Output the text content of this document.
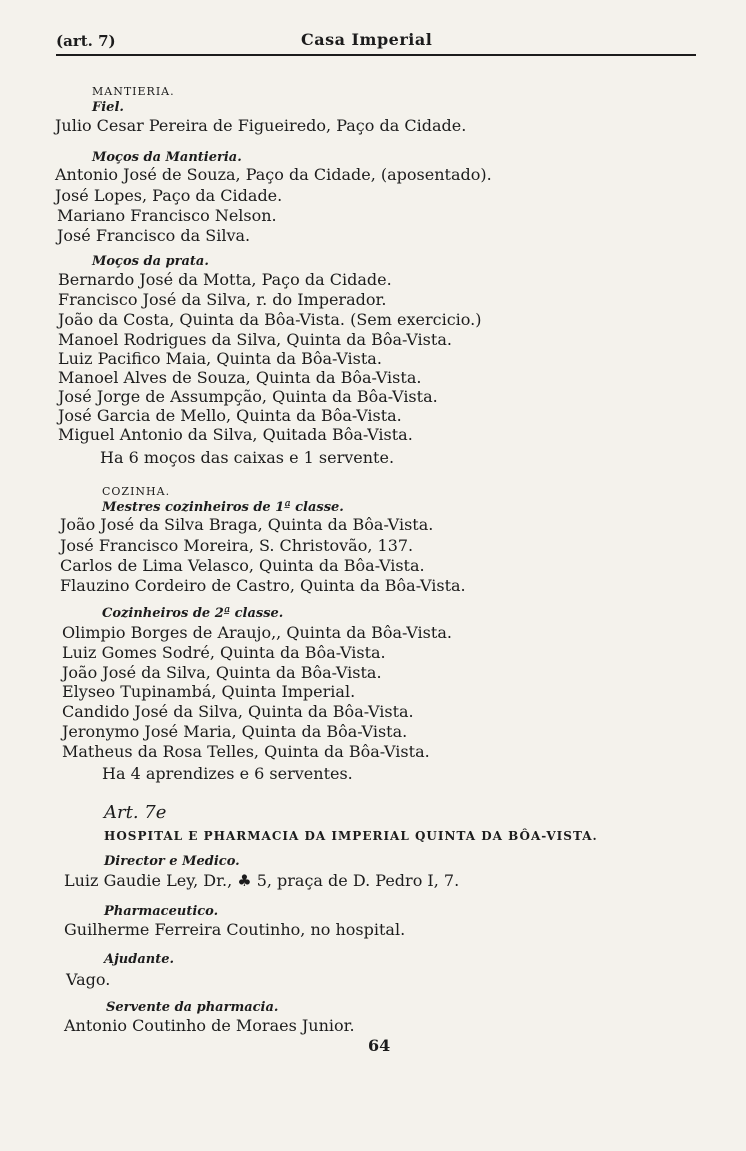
(art. 7)	Casa Imperial
MANTIERIA.
Fiel.
Julio Cesar Pereira de Figueiredo, Paço da Cidade.
Moços da Mantieria.
Antonio José de Souza, Paço da Cidade, (aposentado).
José Lopes, Paço da Cidade.
Mariano Francisco Nelson.
José Francisco da Silva.
Moços da prata.
Bernardo José da Motta, Paço da Cidade.
Francisco José da Silva, r. do Imperador.
João da Costa, Quinta da Bôa-Vista. (Sem exercicio.)
Manoel Rodrigues da Silva, Quinta da Bôa-Vista.
Luiz Pacifico Maia, Quinta da Bôa-Vista.
Manoel Alves de Souza, Quinta da Bôa-Vista.
José Jorge de Assumpção, Quinta da Bôa-Vista.
José Garcia de Mello, Quinta da Bôa-Vista.
Miguel Antonio da Silva, Quitada Bôa-Vista.
Ha 6 moços das caixas e 1 servente.
COZINHA.
Mestres cozinheiros de 1ª classe.
João José da Silva Braga, Quinta da Bôa-Vista.
José Francisco Moreira, S. Christovão, 137.
Carlos de Lima Velasco, Quinta da Bôa-Vista.
Flauzino Cordeiro de Castro, Quinta da Bôa-Vista.
Cozinheiros de 2ª classe.
Olimpio Borges de Araujo,, Quinta da Bôa-Vista.
Luiz Gomes Sodré, Quinta da Bôa-Vista.
João José da Silva, Quinta da Bôa-Vista.
Elyseo Tupinambá, Quinta Imperial.
Candido José da Silva, Quinta da Bôa-Vista.
Jeronymo José Maria, Quinta da Bôa-Vista.
Matheus da Rosa Telles, Quinta da Bôa-Vista.
Ha 4 aprendizes e 6 serventes.
Art. 7e
HOSPITAL E PHARMACIA DA IMPERIAL QUINTA DA BÔA-VISTA.
Director e Medico.
Luiz Gaudie Ley, Dr., ♣ 5, praça de D. Pedro I, 7.
Pharmaceutico.
Guilherme Ferreira Coutinho, no hospital.
Ajudante.
Vago.
Servente da pharmacia.
Antonio Coutinho de Moraes Junior.
64
